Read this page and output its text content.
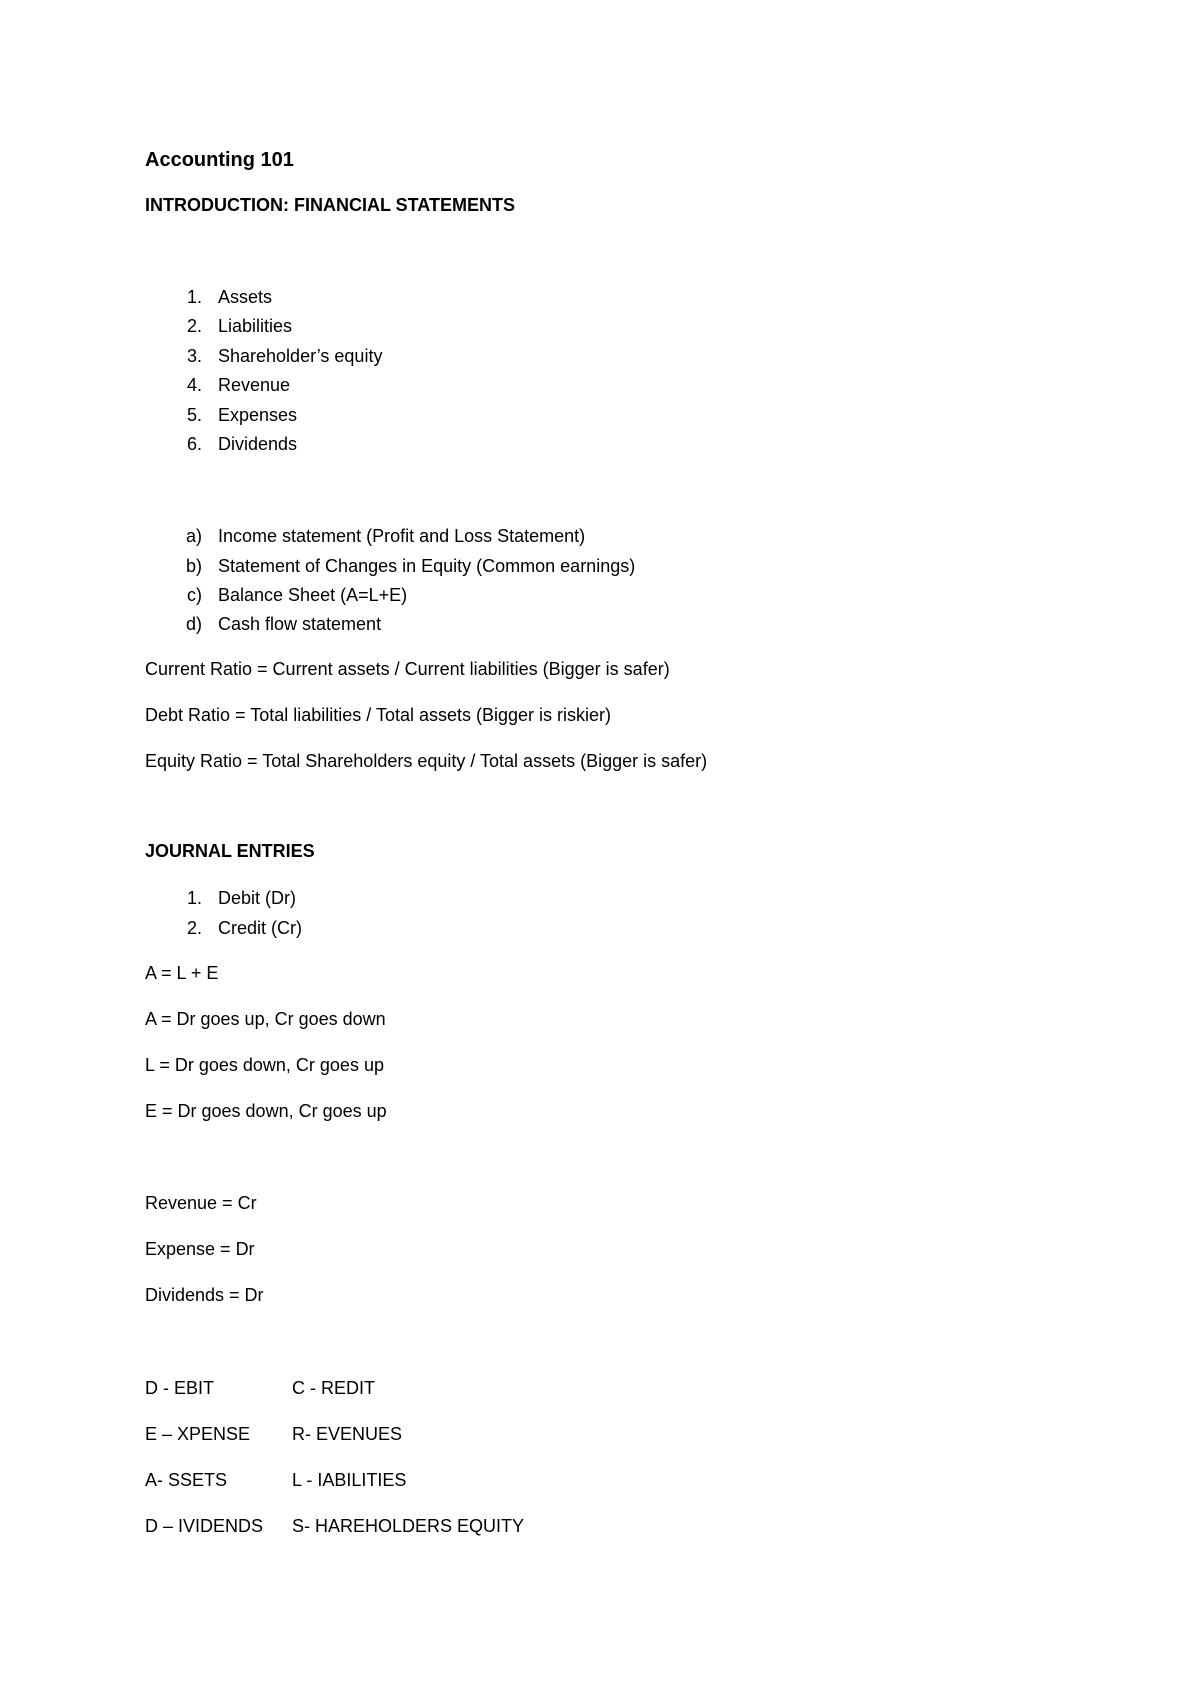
Accounting 101
INTRODUCTION: FINANCIAL STATEMENTS
1. Assets
2. Liabilities
3. Shareholder’s equity
4. Revenue
5. Expenses
6. Dividends
a) Income statement (Profit and Loss Statement)
b) Statement of Changes in Equity (Common earnings)
c) Balance Sheet (A=L+E)
d) Cash flow statement
Current Ratio = Current assets / Current liabilities (Bigger is safer)
Debt Ratio = Total liabilities / Total assets (Bigger is riskier)
Equity Ratio = Total Shareholders equity / Total assets (Bigger is safer)
JOURNAL ENTRIES
1. Debit (Dr)
2. Credit (Cr)
A = L + E
A = Dr goes up, Cr goes down
L = Dr goes down, Cr goes up
E = Dr goes down, Cr goes up
Revenue = Cr
Expense = Dr
Dividends = Dr
D - EBIT	C - REDIT
E – XPENSE R- EVENUES
A- SSETS	L - IABILITIES
D – IVIDENDS S- HAREHOLDERS EQUITY
